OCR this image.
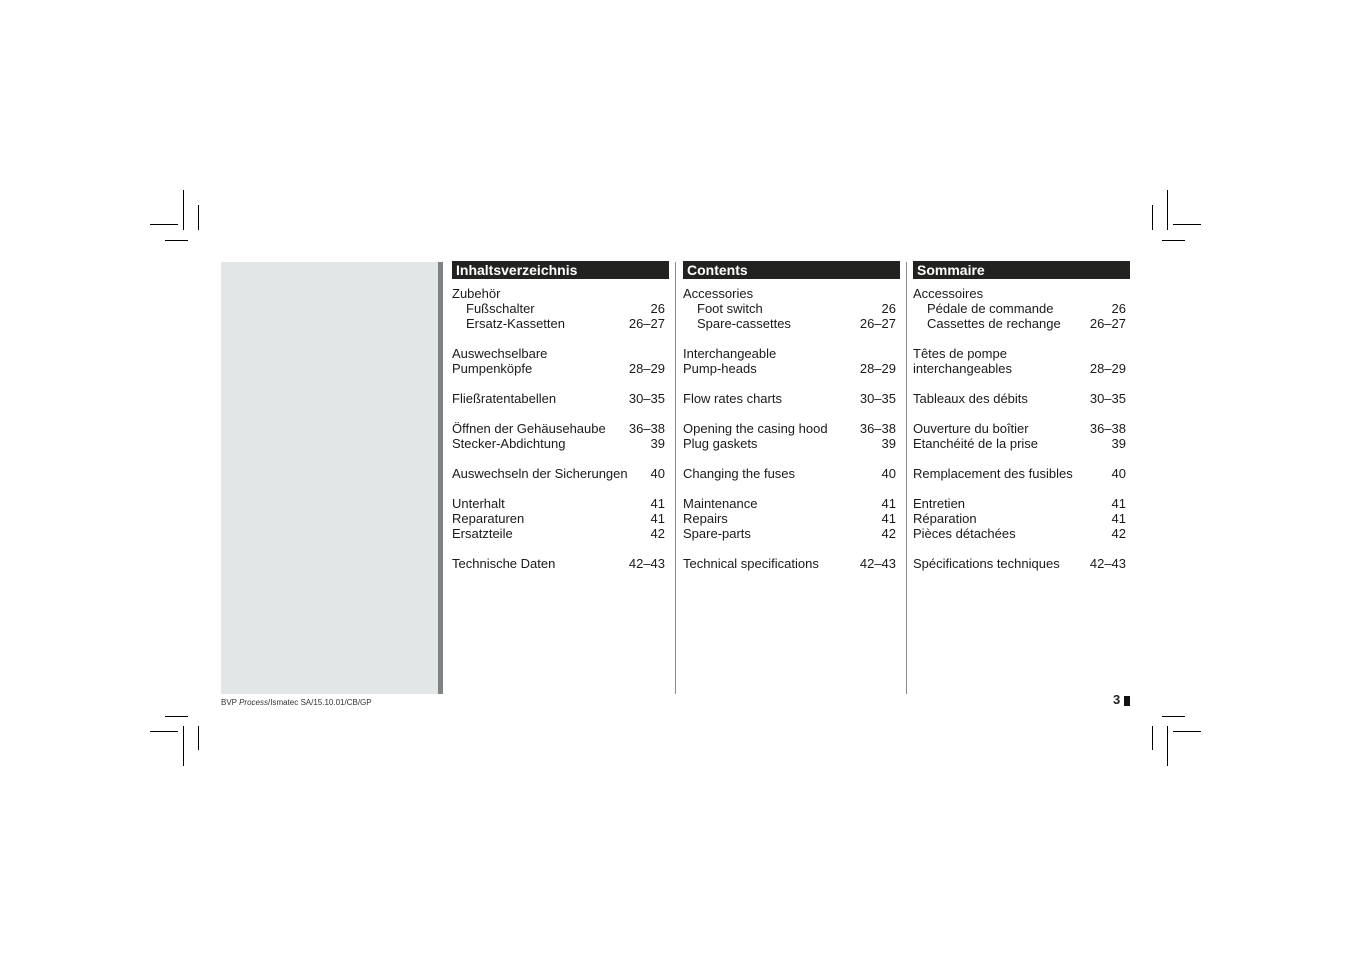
Inhaltsverzeichnis
Zubehör
Fußschalter	26
Ersatz-Kassetten	26–27
Auswechselbare
Pumpenköpfe	28–29
Fließratentabellen	30–35
Öffnen der Gehäusehaube 36–38
Stecker-Abdichtung	39
Auswechseln der Sicherungen 40
Unterhalt	41
Reparaturen	41
Ersatzteile	42
Technische Daten	42–43
Contents
Accessories
Foot switch	26
Spare-cassettes	26–27
Interchangeable
Pump-heads	28–29
Flow rates charts	30–35
Opening the casing hood 36–38
Plug gaskets	39
Changing the fuses	40
Maintenance	41
Repairs	41
Spare-parts	42
Technical specifications	42–43
Sommaire
Accessoires
Pédale de commande	26
Cassettes de rechange 26–27
Têtes de pompe
interchangeables	28–29
Tableaux des débits	30–35
Ouverture du boîtier	36–38
Etanchéité de la prise	39
Remplacement des fusibles	40
Entretien	41
Réparation	41
Pièces détachées	42
Spécifications techniques 42–43
BVP Process/Ismatec SA/15.10.01/CB/GP	3
